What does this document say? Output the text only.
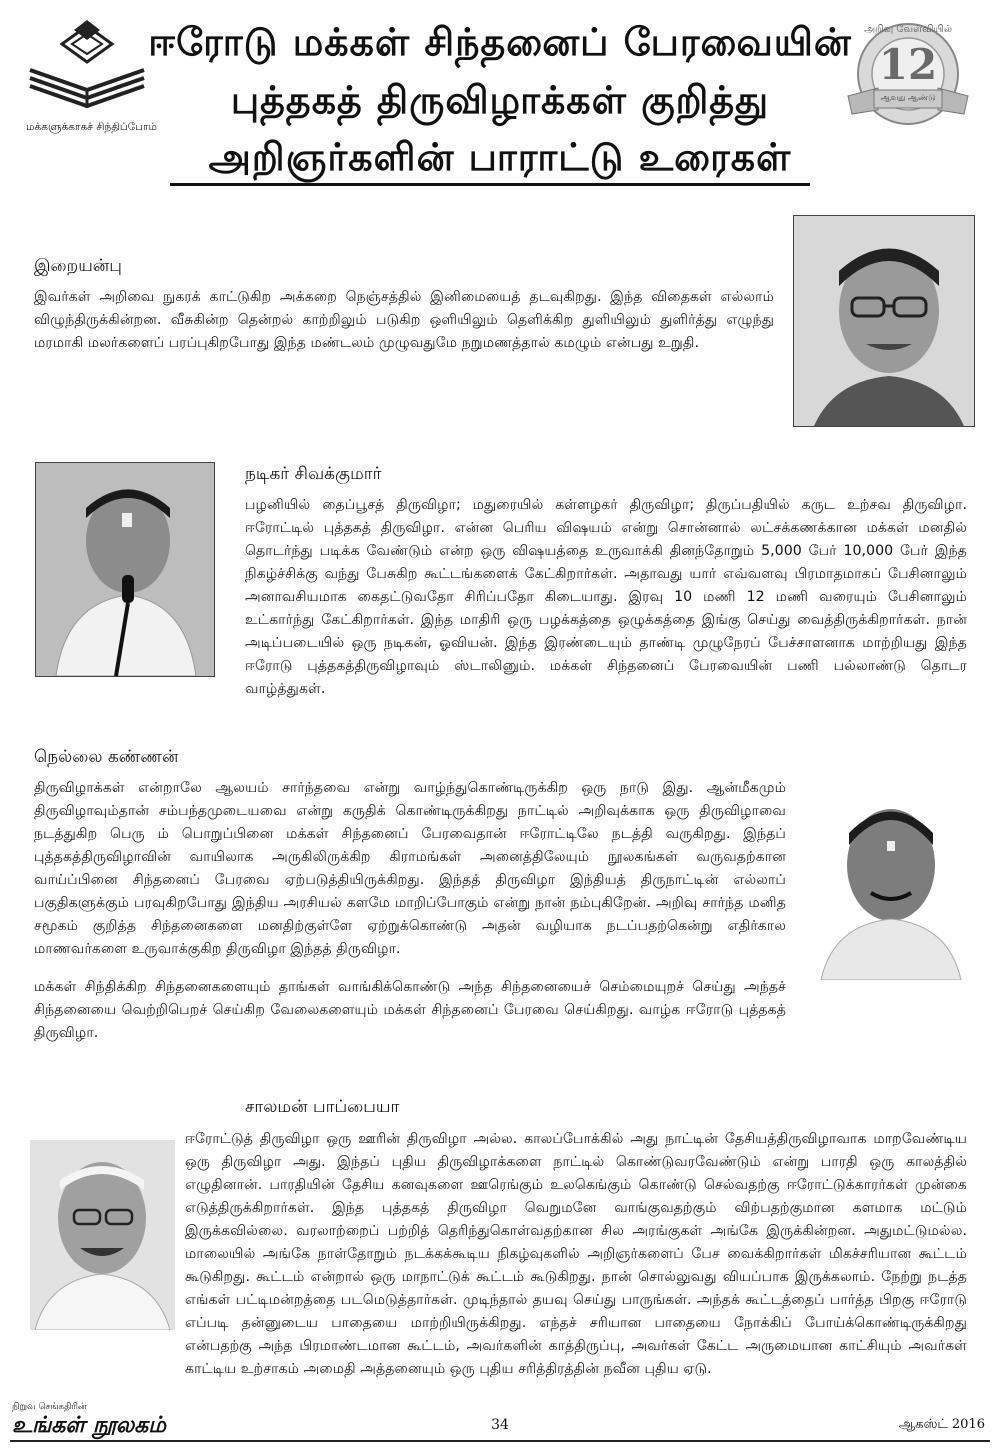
மக்களுக்காகச் சிந்திப்போம்
ஈரோடு மக்கள் சிந்தனைப் பேரவையின்
புத்தகத் திருவிழாக்கள் குறித்து
அறிஞர்களின் பாராட்டு உரைகள்
அறிவு வேள்வியில்
12
ஆவது ஆண்டு
இறையன்பு

இவர்கள் அறிவை நுகரக் காட்டுகிற அக்கறை நெஞ்சத்தில் இனிமையைத் தடவுகிறது. இந்த விதைகள் எல்லாம் விழுந்திருக்கின்றன. வீசுகின்ற தென்றல் காற்றிலும் படுகிற ஒளியிலும் தெளிக்கிற துளியிலும் துளிர்த்து எழுந்து மரமாகி மலர்களைப் பரப்புகிறபோது இந்த மண்டலம் முழுவதுமே நறுமணத்தால் கமழும் என்பது உறுதி.

நடிகர் சிவக்குமார்

பழனியில் தைப்பூசத் திருவிழா; மதுரையில் கள்ளழகர் திருவிழா; திருப்பதியில் கருட உற்சவ திருவிழா. ஈரோட்டில் புத்தகத் திருவிழா. என்ன பெரிய விஷயம் என்று சொன்னால் லட்சக்கணக்கான மக்கள் மனதில் தொடர்ந்து படிக்க வேண்டும் என்ற ஒரு விஷயத்தை உருவாக்கி தினந்தோறும் 5,000 பேர் 10,000 பேர் இந்த நிகழ்ச்சிக்கு வந்து பேசுகிற கூட்டங்களைக் கேட்கிறார்கள். அதாவது யார் எவ்வளவு பிரமாதமாகப் பேசினாலும் அனாவசியமாக கைதட்டுவதோ சிரிப்பதோ கிடையாது. இரவு 10 மணி 12 மணி வரையும் பேசினாலும் உட்கார்ந்து கேட்கிறார்கள். இந்த மாதிரி ஒரு பழக்கத்தை ஒழுக்கத்தை இங்கு செய்து வைத்திருக்கிறார்கள். நான் அடிப்படையில் ஒரு நடிகன், ஓவியன். இந்த இரண்டையும் தாண்டி முழுநேரப் பேச்சாளனாக மாற்றியது இந்த ஈரோடு புத்தகத்திருவிழாவும் ஸ்டாலினும். மக்கள் சிந்தனைப் பேரவையின் பணி பல்லாண்டு தொடர வாழ்த்துகள்.

நெல்லை கண்ணன்

திருவிழாக்கள் என்றாலே ஆலயம் சார்ந்தவை என்று வாழ்ந்துகொண்டிருக்கிற ஒரு நாடு இது. ஆன்மீகமும் திருவிழாவும்தான் சம்பந்தமுடையவை என்று கருதிக் கொண்டிருக்கிறது நாட்டில் அறிவுக்காக ஒரு திருவிழாவை நடத்துகிற பெரு ம் பொறுப்பினை மக்கள் சிந்தனைப் பேரவைதான் ஈரோட்டிலே நடத்தி வருகிறது. இந்தப் புத்தகத்திருவிழாவின் வாயிலாக அருகிலிருக்கிற கிராமங்கள் அனைத்திலேயும் நூலகங்கள் வருவதற்கான வாய்ப்பினை சிந்தனைப் பேரவை ஏற்படுத்தியிருக்கிறது. இந்தத் திருவிழா இந்தியத் திருநாட்டின் எல்லாப் பகுதிகளுக்கும் பரவுகிறபோது இந்திய அரசியல் களமே மாறிப்போகும் என்று நான் நம்புகிறேன். அறிவு சார்ந்த மனித சமூகம் குறித்த சிந்தனைகளை மனதிற்குள்ளே ஏற்றுக்கொண்டு அதன் வழியாக நடப்பதற்கென்று எதிர்கால மாணவர்களை உருவாக்குகிற திருவிழா இந்தத் திருவிழா.

மக்கள் சிந்திக்கிற சிந்தனைகளையும் தாங்கள் வாங்கிக்கொண்டு அந்த சிந்தனையைச் செம்மையுறச் செய்து அந்தச் சிந்தனையை வெற்றிபெறச் செய்கிற வேலைகளையும் மக்கள் சிந்தனைப் பேரவை செய்கிறது. வாழ்க ஈரோடு புத்தகத் திருவிழா.

சாலமன் பாப்பையா

ஈரோட்டுத் திருவிழா ஒரு ஊரின் திருவிழா அல்ல. காலப்போக்கில் அது நாட்டின் தேசியத்திருவிழாவாக மாறவேண்டிய ஒரு திருவிழா அது. இந்தப் புதிய திருவிழாக்களை நாட்டில் கொண்டுவரவேண்டும் என்று பாரதி ஒரு காலத்தில் எழுதினான். பாரதியின் தேசிய கனவுகளை ஊரெங்கும் உலகெங்கும் கொண்டு செல்வதற்கு ஈரோட்டுக்காரர்கள் முன்கை எடுத்திருக்கிறார்கள். இந்த புத்தகத் திருவிழா வெறுமனே வாங்குவதற்கும் விற்பதற்குமான களமாக மட்டும் இருக்கவில்லை. வரலாற்றைப் பற்றித் தெரிந்துகொள்வதற்கான சில அரங்குகள் அங்கே இருக்கின்றன. அதுமட்டுமல்ல. மாலையில் அங்கே நாள்தோறும் நடக்கக்கூடிய நிகழ்வுகளில் அறிஞர்களைப் பேச வைக்கிறார்கள் மிகச்சரியான கூட்டம் கூடுகிறது. கூட்டம் என்றால் ஒரு மாநாட்டுக் கூட்டம் கூடுகிறது. நான் சொல்லுவது வியப்பாக இருக்கலாம். நேற்று நடத்த எங்கள் பட்டிமன்றத்தை படமெடுத்தார்கள். முடிந்தால் தயவு செய்து பாருங்கள். அந்தக் கூட்டத்தைப் பார்த்த பிறகு ஈரோடு எப்படி தன்னுடைய பாதையை மாற்றியிருக்கிறது. எந்தச் சரியான பாதையை நோக்கிப் போய்க்கொண்டிருக்கிறது என்பதற்கு அந்த பிரமாண்டமான கூட்டம், அவர்களின் காத்திருப்பு, அவர்கள் கேட்ட அருமையான காட்சியும் அவர்கள் காட்டிய உற்சாகம் அமைதி அத்தனையும் ஒரு புதிய சரித்திரத்தின் நவீன புதிய ஏடு.

நிறுவ செங்கதிரின்
உங்கள் நூலகம்	34	ஆகஸ்ட் 2016
